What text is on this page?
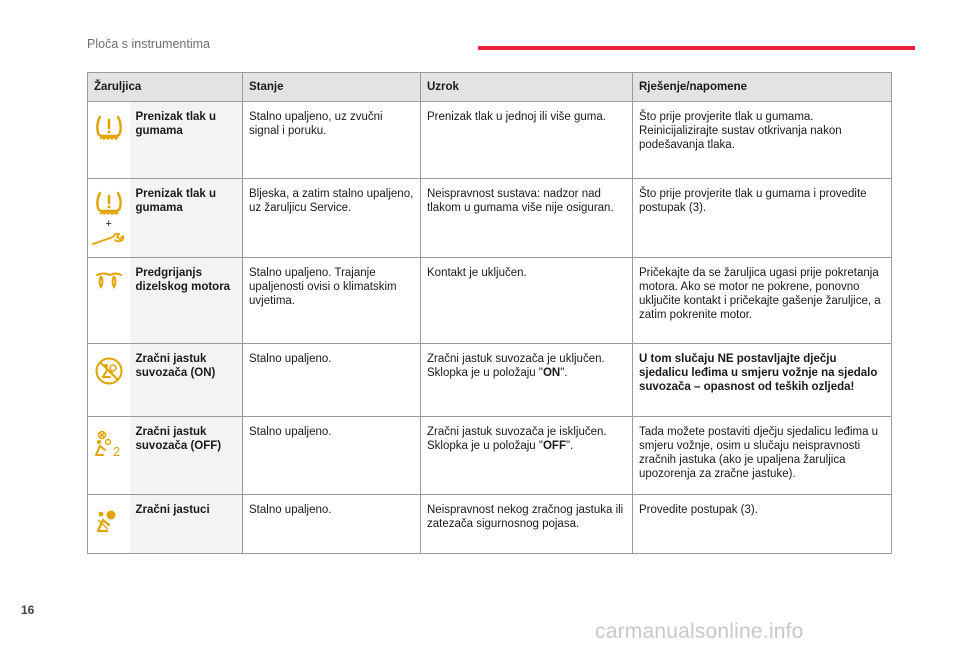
Ploča s instrumentima
Žaruljica		Stanje	Uzrok	Rješenje/napomene

	Prenizak tlak u gumama	Stalno upaljeno, uz zvučni signal i poruku.	Prenizak tlak u jednoj ili više guma.	Što prije provjerite tlak u gumama. Reinicijalizirajte sustav otkrivanja nakon podešavanja tlaka.

+	Prenizak tlak u gumama	Bljeska, a zatim stalno upaljeno, uz žaruljicu Service.	Neispravnost sustava: nadzor nad tlakom u gumama više nije osiguran.	Što prije provjerite tlak u gumama i provedite postupak (3).

	Predgrijanjs dizelskog motora	Stalno upaljeno. Trajanje upaljenosti ovisi o klimatskim uvjetima.	Kontakt je uključen.	Pričekajte da se žaruljica ugasi prije pokretanja motora. Ako se motor ne pokrene, ponovno uključite kontakt i pričekajte gašenje žaruljice, a zatim pokrenite motor.

	Zračni jastuk suvozača (ON)	Stalno upaljeno.	Zračni jastuk suvozača je uključen. Sklopka je u položaju "ON".	U tom slučaju NE postavljajte dječju sjedalicu leđima u smjeru vožnje na sjedalo suvozača – opasnost od teških ozljeda!

2	Zračni jastuk suvozača (OFF)	Stalno upaljeno.	Zračni jastuk suvozača je isključen. Sklopka je u položaju "OFF".	Tada možete postaviti dječju sjedalicu leđima u smjeru vožnje, osim u slučaju neispravnosti zračnih jastuka (ako je upaljena žaruljica upozorenja za zračne jastuke).

	Zračni jastuci	Stalno upaljeno.	Neispravnost nekog zračnog jastuka ili zatezača sigurnosnog pojasa.	Provedite postupak (3).
16
carmanualsonline.info
